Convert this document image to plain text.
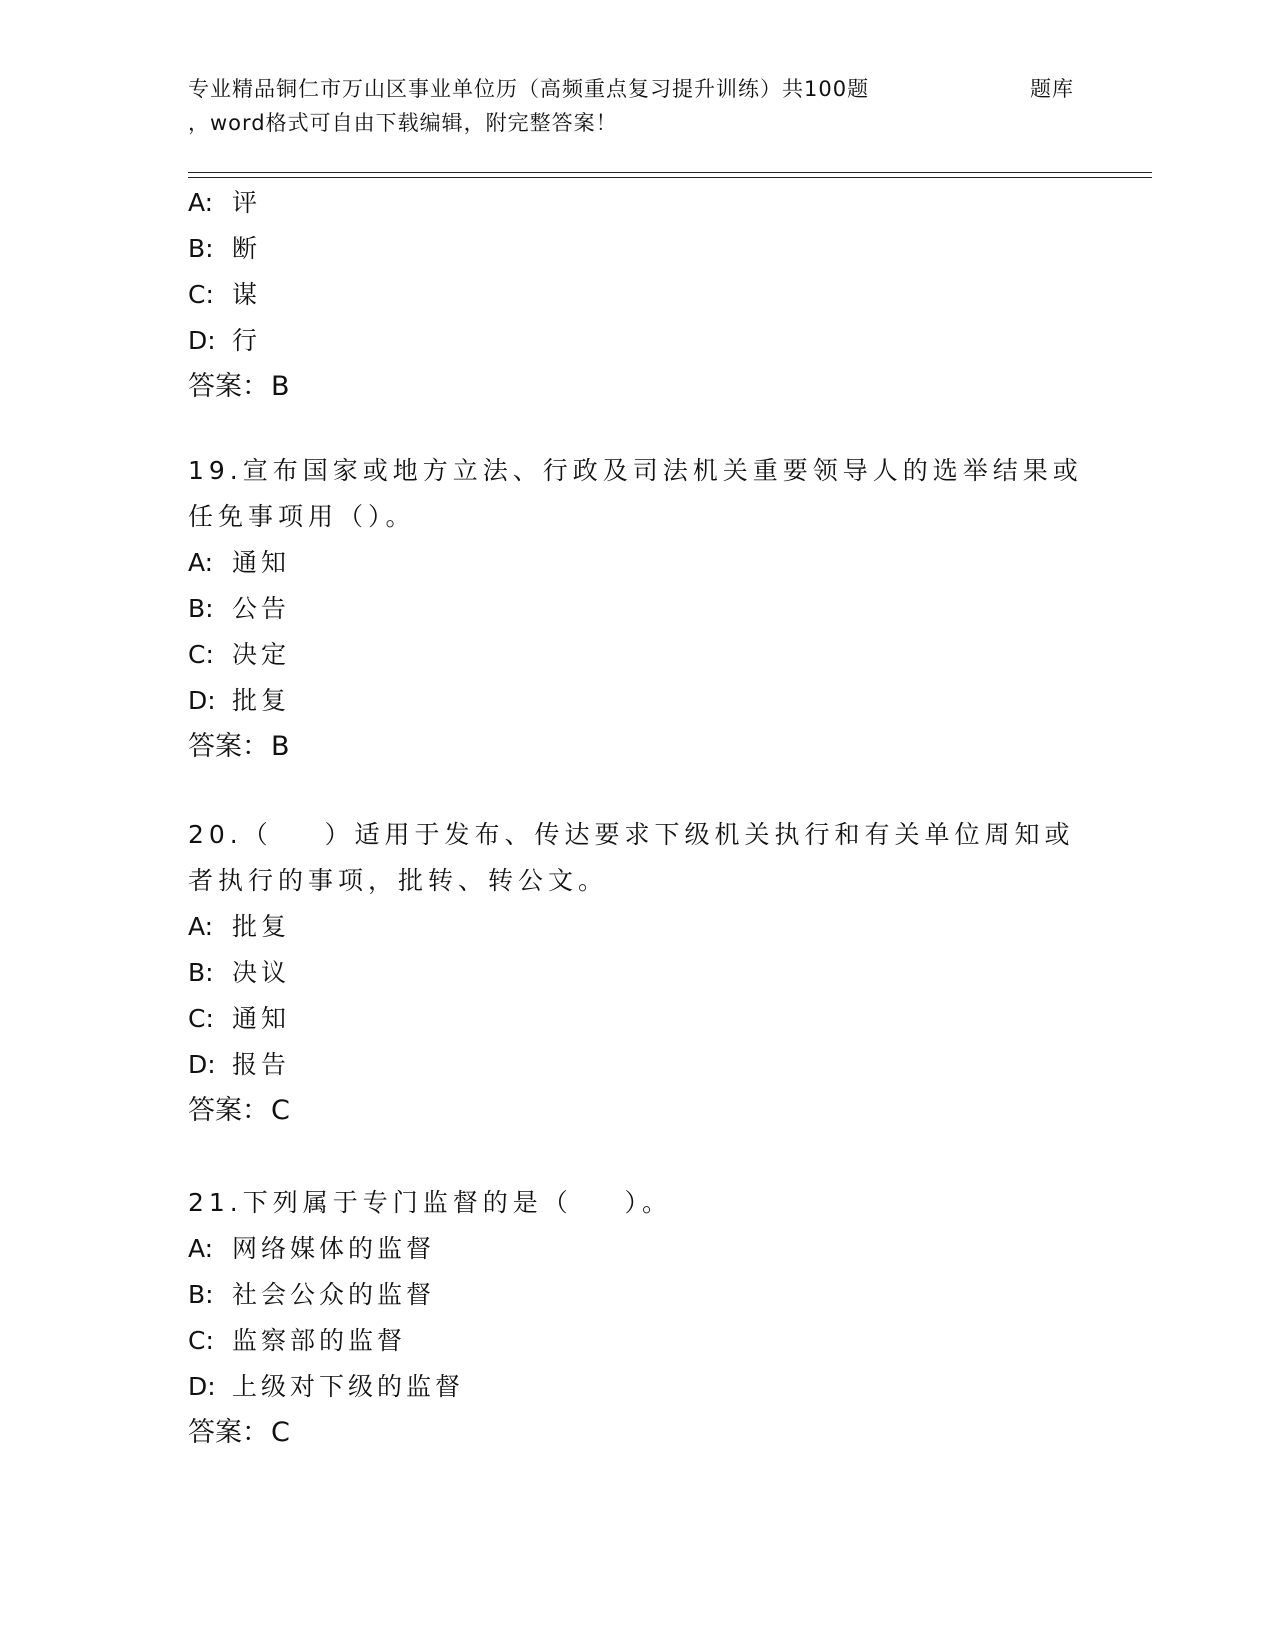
专业精品铜仁市万山区事业单位历（高频重点复习提升训练）共100题	题库
，word格式可自由下载编辑，附完整答案！
A: 评
B: 断
C: 谋
D: 行
答案：B
19.宣布国家或地方立法、行政及司法机关重要领导人的选举结果或任免事项用（）。
A: 通知
B: 公告
C: 决定
D: 批复
答案：B
20.（    ）适用于发布、传达要求下级机关执行和有关单位周知或者执行的事项，批转、转公文。
A: 批复
B: 决议
C: 通知
D: 报告
答案：C
21.下列属于专门监督的是（    ）。
A: 网络媒体的监督
B: 社会公众的监督
C: 监察部的监督
D: 上级对下级的监督
答案：C
